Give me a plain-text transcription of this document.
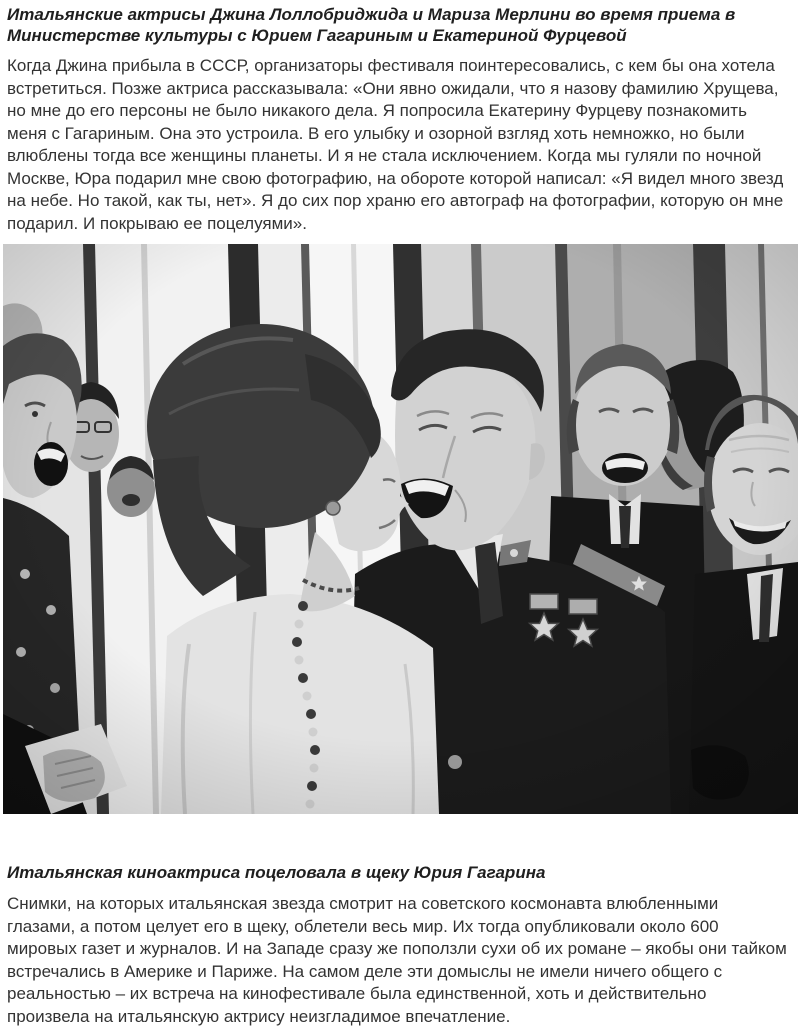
Итальянские актрисы Джина Лоллобриджида и Мариза Мерлини во время приема в Министерстве культуры с Юрием Гагариным и Екатериной Фурцевой

Когда Джина прибыла в СССР, организаторы фестиваля поинтересовались, с кем бы она хотела встретиться. Позже актриса рассказывала: «Они явно ожидали, что я назову фамилию Хрущева, но мне до его персоны не было никакого дела. Я попросила Екатерину Фурцеву познакомить меня с Гагариным. Она это устроила. В его улыбку и озорной взгляд хоть немножко, но были влюблены тогда все женщины планеты. И я не стала исключением. Когда мы гуляли по ночной Москве, Юра подарил мне свою фотографию, на обороте которой написал: «Я видел много звезд на небе. Но такой, как ты, нет». Я до сих пор храню его автограф на фотографии, которую он мне подарил. И покрываю ее поцелуями».

Итальянская киноактриса поцеловала в щеку Юрия Гагарина

Снимки, на которых итальянская звезда смотрит на советского космонавта влюбленными глазами, а потом целует его в щеку, облетели весь мир. Их тогда опубликовали около 600 мировых газет и журналов. И на Западе сразу же поползли сухи об их романе – якобы они тайком встречались в Америке и Париже. На самом деле эти домыслы не имели ничего общего с реальностью – их встреча на кинофестивале была единственной, хоть и действительно произвела на итальянскую актрису неизгладимое впечатление.
